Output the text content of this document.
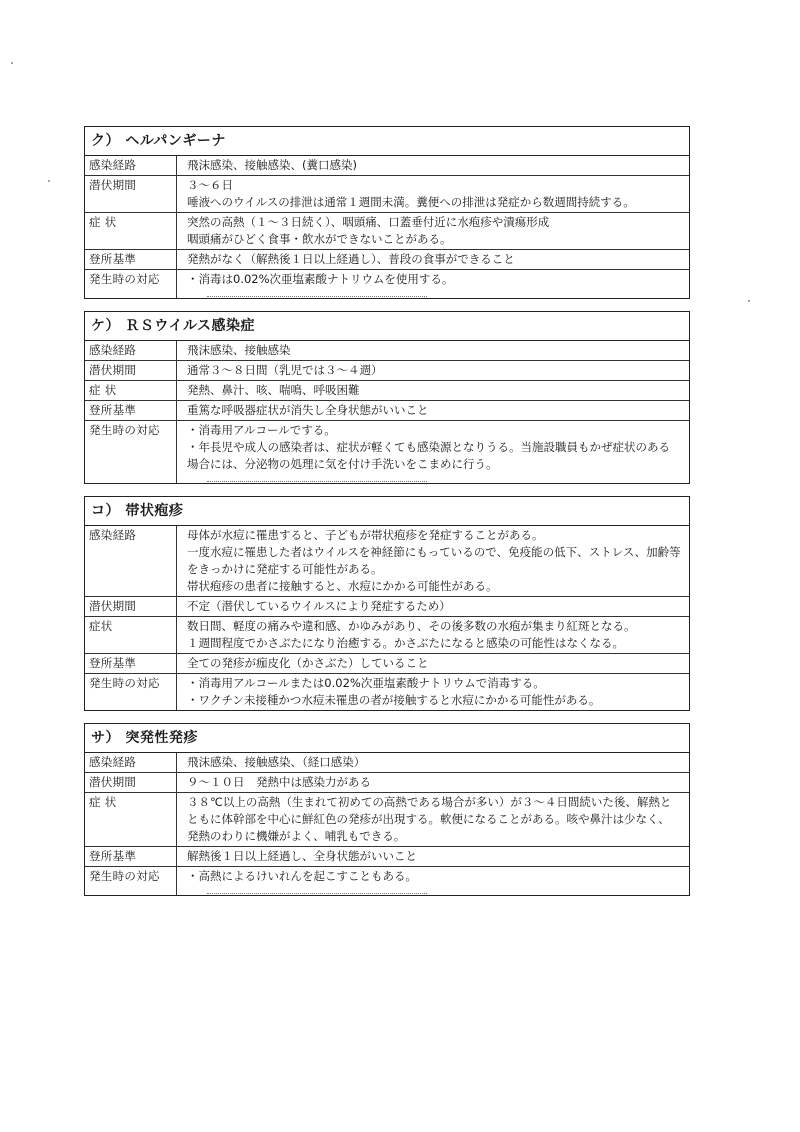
ク） ヘルパンギーナ
感染経路	飛沫感染、接触感染、(糞口感染)

潜伏期間	３～６日

唾液へのウイルスの排泄は通常１週間未満。糞便への排泄は発症から数週間持続する。

症 状	突然の高熱（１～３日続く）、咽頭痛、口蓋垂付近に水疱疹や潰瘍形成

咽頭痛がひどく食事・飲水ができないことがある。

登所基準	発熱がなく（解熱後１日以上経過し）、普段の食事ができること

発生時の対応	・消毒は0.02%次亜塩素酸ナトリウムを使用する。

ケ） ＲＳウイルス感染症
感染経路	飛沫感染、接触感染

潜伏期間	通常３～８日間（乳児では３～４週）

症 状	発熱、鼻汁、咳、喘鳴、呼吸困難

登所基準	重篤な呼吸器症状が消失し全身状態がいいこと

発生時の対応	・消毒用アルコールでする。

・年長児や成人の感染者は、症状が軽くても感染源となりうる。当施設職員もかぜ症状のある場合には、分泌物の処理に気を付け手洗いをこまめに行う。

コ） 帯状疱疹
感染経路	母体が水痘に罹患すると、子どもが帯状疱疹を発症することがある。

一度水痘に罹患した者はウイルスを神経節にもっているので、免疫能の低下、ストレス、加齢等をきっかけに発症する可能性がある。

帯状疱疹の患者に接触すると、水痘にかかる可能性がある。

潜伏期間	不定（潜伏しているウイルスにより発症するため）

症状	数日間、軽度の痛みや違和感、かゆみがあり、その後多数の水疱が集まり紅斑となる。

１週間程度でかさぶたになり治癒する。かさぶたになると感染の可能性はなくなる。

登所基準	全ての発疹が痂皮化（かさぶた）していること

発生時の対応	・消毒用アルコールまたは0.02%次亜塩素酸ナトリウムで消毒する。

・ワクチン未接種かつ水痘未罹患の者が接触すると水痘にかかる可能性がある。

サ） 突発性発疹
感染経路	飛沫感染、接触感染、（経口感染）

潜伏期間	９～１０日　発熱中は感染力がある

症 状	３８℃以上の高熱（生まれて初めての高熱である場合が多い）が３～４日間続いた後、解熱とともに体幹部を中心に鮮紅色の発疹が出現する。軟便になることがある。咳や鼻汁は少なく、発熱のわりに機嫌がよく、哺乳もできる。

登所基準	解熱後１日以上経過し、全身状態がいいこと

発生時の対応	・高熱によるけいれんを起こすこともある。
